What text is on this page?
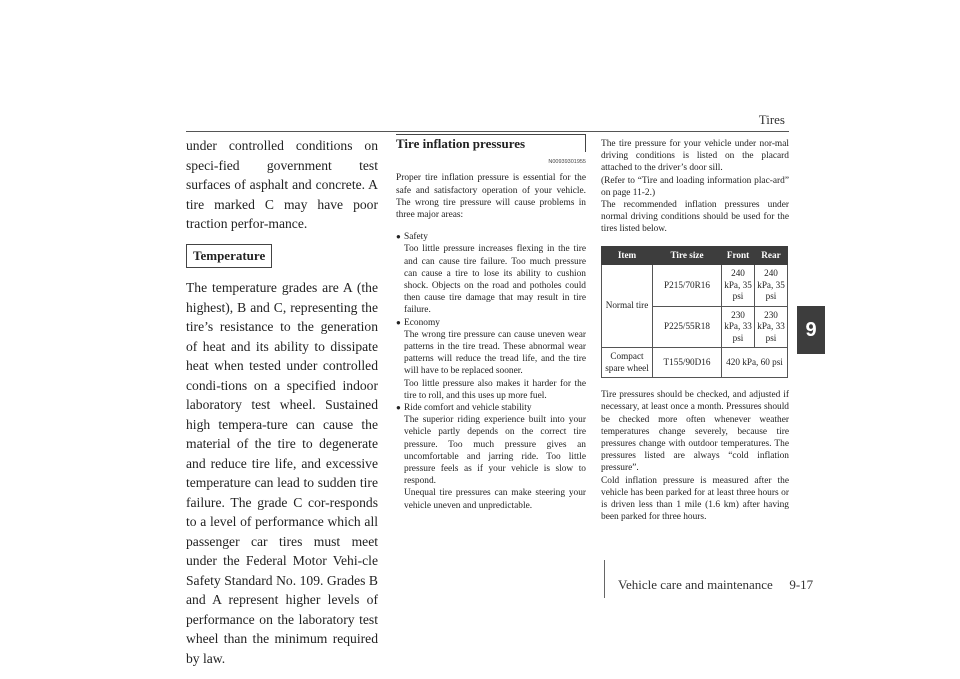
Tires
9
Vehicle care and maintenance 9-17

under controlled conditions on speci-fied government test surfaces of asphalt and concrete. A tire marked C may have poor traction perfor-mance.

Temperature

The temperature grades are A (the highest), B and C, representing the tire’s resistance to the generation of heat and its ability to dissipate heat when tested under controlled condi-tions on a specified indoor laboratory test wheel. Sustained high tempera-ture can cause the material of the tire to degenerate and reduce tire life, and excessive temperature can lead to sudden tire failure. The grade C cor-responds to a level of performance which all passenger car tires must meet under the Federal Motor Vehi-cle Safety Standard No. 109. Grades B and A represent higher levels of performance on the laboratory test wheel than the minimum required by law.

Tire inflation pressures
N00939301955

Proper tire inflation pressure is essential for the safe and satisfactory operation of your vehicle. The wrong tire pressure will cause problems in three major areas:

● Safety

Too little pressure increases flexing in the tire and can cause tire failure. Too much pressure can cause a tire to lose its ability to cushion shock. Objects on the road and potholes could then cause tire damage that may result in tire failure.

● Economy

The wrong tire pressure can cause uneven wear patterns in the tire tread. These abnormal wear patterns will reduce the tread life, and the tire will have to be replaced sooner.

Too little pressure also makes it harder for the tire to roll, and this uses up more fuel.

● Ride comfort and vehicle stability

The superior riding experience built into your vehicle partly depends on the correct tire pressure. Too much pressure gives an uncomfortable and jarring ride. Too little pressure feels as if your vehicle is slow to respond.

Unequal tire pressures can make steering your vehicle uneven and unpredictable.

The tire pressure for your vehicle under nor-mal driving conditions is listed on the placard attached to the driver’s door sill.

(Refer to “Tire and loading information plac-ard” on page 11-2.)

The recommended inflation pressures under normal driving conditions should be used for the tires listed below.

Item	Tire size	Front	Rear
Normal tire	P215/70R16	240 kPa, 35 psi	240 kPa, 35 psi
	P225/55R18	230 kPa, 33 psi	230 kPa, 33 psi
Compact spare wheel	T155/90D16	420 kPa, 60 psi	

Tire pressures should be checked, and adjusted if necessary, at least once a month. Pressures should be checked more often whenever weather temperatures change severely, because tire pressures change with outdoor temperatures. The pressures listed are always “cold inflation pressure”.

Cold inflation pressure is measured after the vehicle has been parked for at least three hours or is driven less than 1 mile (1.6 km) after having been parked for three hours.
